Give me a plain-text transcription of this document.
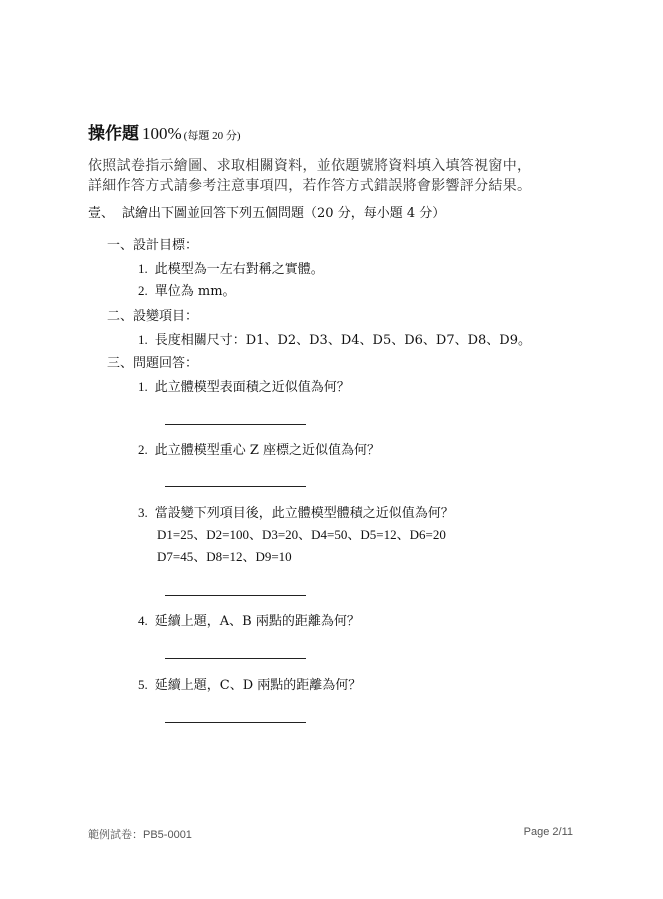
操作題 100% (每題 20 分)
依照試卷指示繪圖、求取相關資料，並依題號將資料填入填答視窗中，
詳細作答方式請參考注意事項四，若作答方式錯誤將會影響評分結果。
壹、 試繪出下圖並回答下列五個問題（20 分，每小題 4 分）
一、設計目標：
1. 此模型為一左右對稱之實體。
2. 單位為 mm。
二、設變項目：
1. 長度相關尺寸：D1、D2、D3、D4、D5、D6、D7、D8、D9。
三、問題回答：
1. 此立體模型表面積之近似值為何？
2. 此立體模型重心 Z 座標之近似值為何？
3. 當設變下列項目後，此立體模型體積之近似值為何？
D1=25、D2=100、D3=20、D4=50、D5=12、D6=20
D7=45、D8=12、D9=10
4. 延續上題，A、B 兩點的距離為何？
5. 延續上題，C、D 兩點的距離為何？
範例試卷：PB5-0001	Page 2/11
